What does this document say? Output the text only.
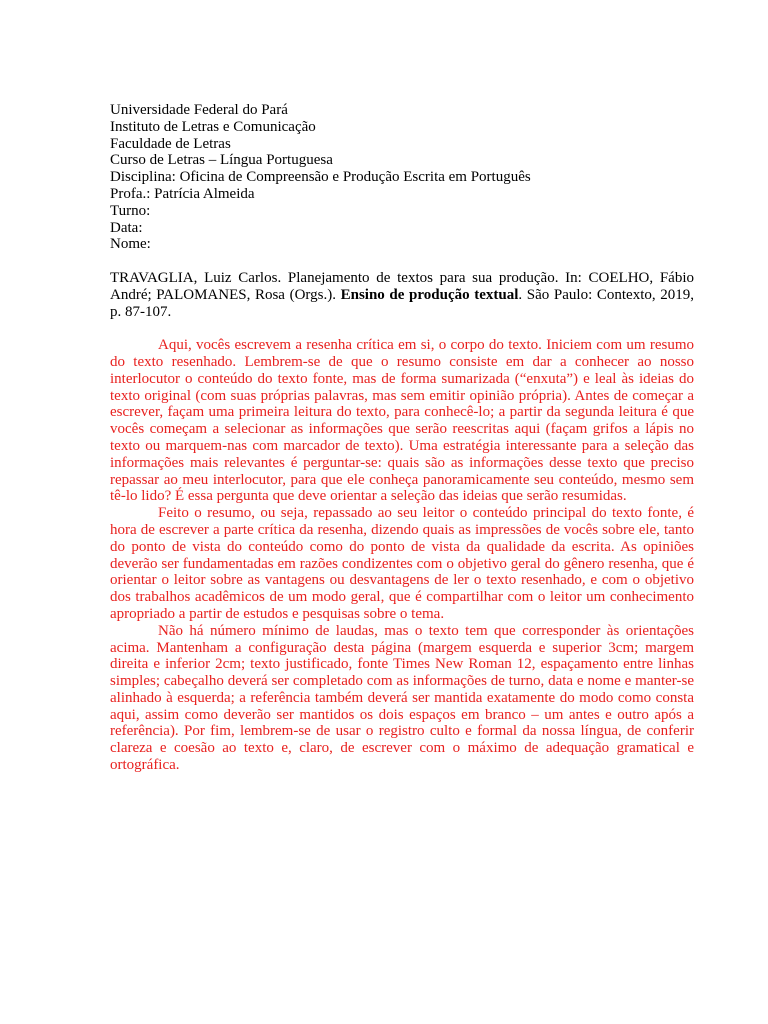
Universidade Federal do Pará
Instituto de Letras e Comunicação
Faculdade de Letras
Curso de Letras – Língua Portuguesa
Disciplina: Oficina de Compreensão e Produção Escrita em Português
Profa.: Patrícia Almeida
Turno:
Data:
Nome:

TRAVAGLIA, Luiz Carlos. Planejamento de textos para sua produção. In: COELHO, Fábio André; PALOMANES, Rosa (Orgs.). Ensino de produção textual. São Paulo: Contexto, 2019, p. 87-107.

Aqui, vocês escrevem a resenha crítica em si, o corpo do texto. Iniciem com um resumo do texto resenhado. Lembrem-se de que o resumo consiste em dar a conhecer ao nosso interlocutor o conteúdo do texto fonte, mas de forma sumarizada (“enxuta”) e leal às ideias do texto original (com suas próprias palavras, mas sem emitir opinião própria). Antes de começar a escrever, façam uma primeira leitura do texto, para conhecê-lo; a partir da segunda leitura é que vocês começam a selecionar as informações que serão reescritas aqui (façam grifos a lápis no texto ou marquem-nas com marcador de texto). Uma estratégia interessante para a seleção das informações mais relevantes é perguntar-se: quais são as informações desse texto que preciso repassar ao meu interlocutor, para que ele conheça panoramicamente seu conteúdo, mesmo sem tê-lo lido? É essa pergunta que deve orientar a seleção das ideias que serão resumidas.

Feito o resumo, ou seja, repassado ao seu leitor o conteúdo principal do texto fonte, é hora de escrever a parte crítica da resenha, dizendo quais as impressões de vocês sobre ele, tanto do ponto de vista do conteúdo como do ponto de vista da qualidade da escrita. As opiniões deverão ser fundamentadas em razões condizentes com o objetivo geral do gênero resenha, que é orientar o leitor sobre as vantagens ou desvantagens de ler o texto resenhado, e com o objetivo dos trabalhos acadêmicos de um modo geral, que é compartilhar com o leitor um conhecimento apropriado a partir de estudos e pesquisas sobre o tema.

Não há número mínimo de laudas, mas o texto tem que corresponder às orientações acima. Mantenham a configuração desta página (margem esquerda e superior 3cm; margem direita e inferior 2cm; texto justificado, fonte Times New Roman 12, espaçamento entre linhas simples; cabeçalho deverá ser completado com as informações de turno, data e nome e manter-se alinhado à esquerda; a referência também deverá ser mantida exatamente do modo como consta aqui, assim como deverão ser mantidos os dois espaços em branco – um antes e outro após a referência). Por fim, lembrem-se de usar o registro culto e formal da nossa língua, de conferir clareza e coesão ao texto e, claro, de escrever com o máximo de adequação gramatical e ortográfica.
